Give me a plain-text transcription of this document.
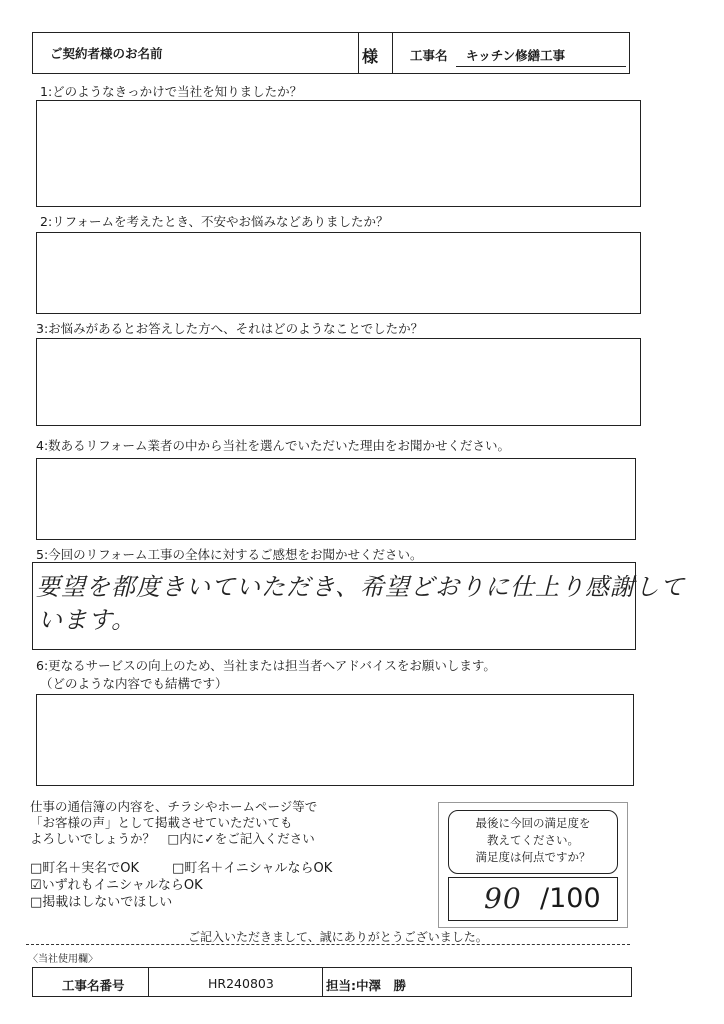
ご契約者様のお名前	様	工事名 キッチン修繕工事
1:どのようなきっかけで当社を知りましたか？
2:リフォームを考えたとき、不安やお悩みなどありましたか？
3:お悩みがあるとお答えした方へ、それはどのようなことでしたか？
4:数あるリフォーム業者の中から当社を選んでいただいた理由をお聞かせください。
5:今回のリフォーム工事の全体に対するご感想をお聞かせください。
要望を都度きいていただき、希望どおりに仕上り感謝して
います。
6:更なるサービスの向上のため、当社または担当者へアドバイスをお願いします。
（どのような内容でも結構です）
仕事の通信簿の内容を、チラシやホームページ等で
「お客様の声」として掲載させていただいても
よろしいでしょうか？　□内に✓をご記入ください
□町名＋実名でOK	□町名＋イニシャルならOK
☑いずれもイニシャルならOK
□掲載はしないでほしい
最後に今回の満足度を
教えてください。
満足度は何点ですか？
90 /100
ご記入いただきまして、誠にありがとうございました。
〈当社使用欄〉
工事名番号	HR240803	担当:中澤　勝
